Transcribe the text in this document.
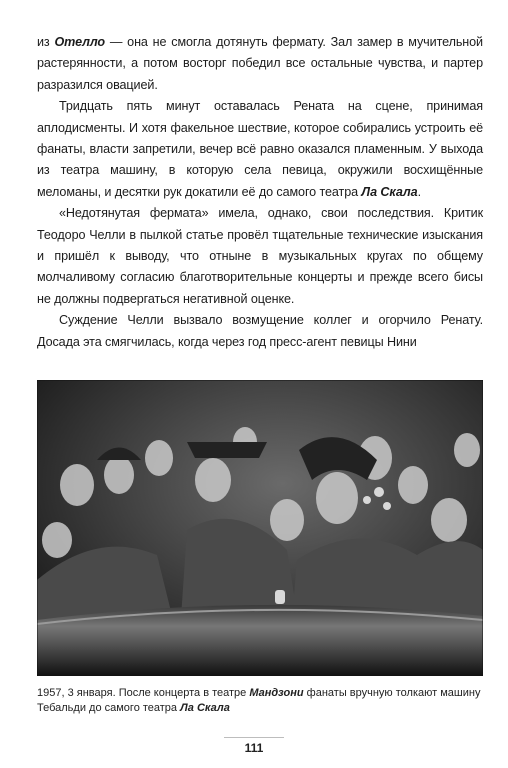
из Отелло — она не смогла дотянуть фермату. Зал замер в мучительной растерянности, а потом восторг победил все остальные чувства, и партер разразился овацией.

Тридцать пять минут оставалась Рената на сцене, принимая аплодисменты. И хотя факельное шествие, которое собирались устроить её фанаты, власти запретили, вечер всё равно оказался пламенным. У выхода из театра машину, в которую села певица, окружили восхищённые меломаны, и десятки рук докатили её до самого театра Ла Скала.

«Недотянутая фермата» имела, однако, свои последствия. Критик Теодоро Челли в пылкой статье провёл тщательные технические изыскания и пришёл к выводу, что отныне в музыкальных кругах по общему молчаливому согласию благотворительные концерты и прежде всего бисы не должны подвергаться негативной оценке.

Суждение Челли вызвало возмущение коллег и огорчило Ренату. Досада эта смягчилась, когда через год пресс-агент певицы Нини

1957, 3 января. После концерта в театре Мандзони фанаты вручную толкают машину Тебальди до самого театра Ла Скала
111
